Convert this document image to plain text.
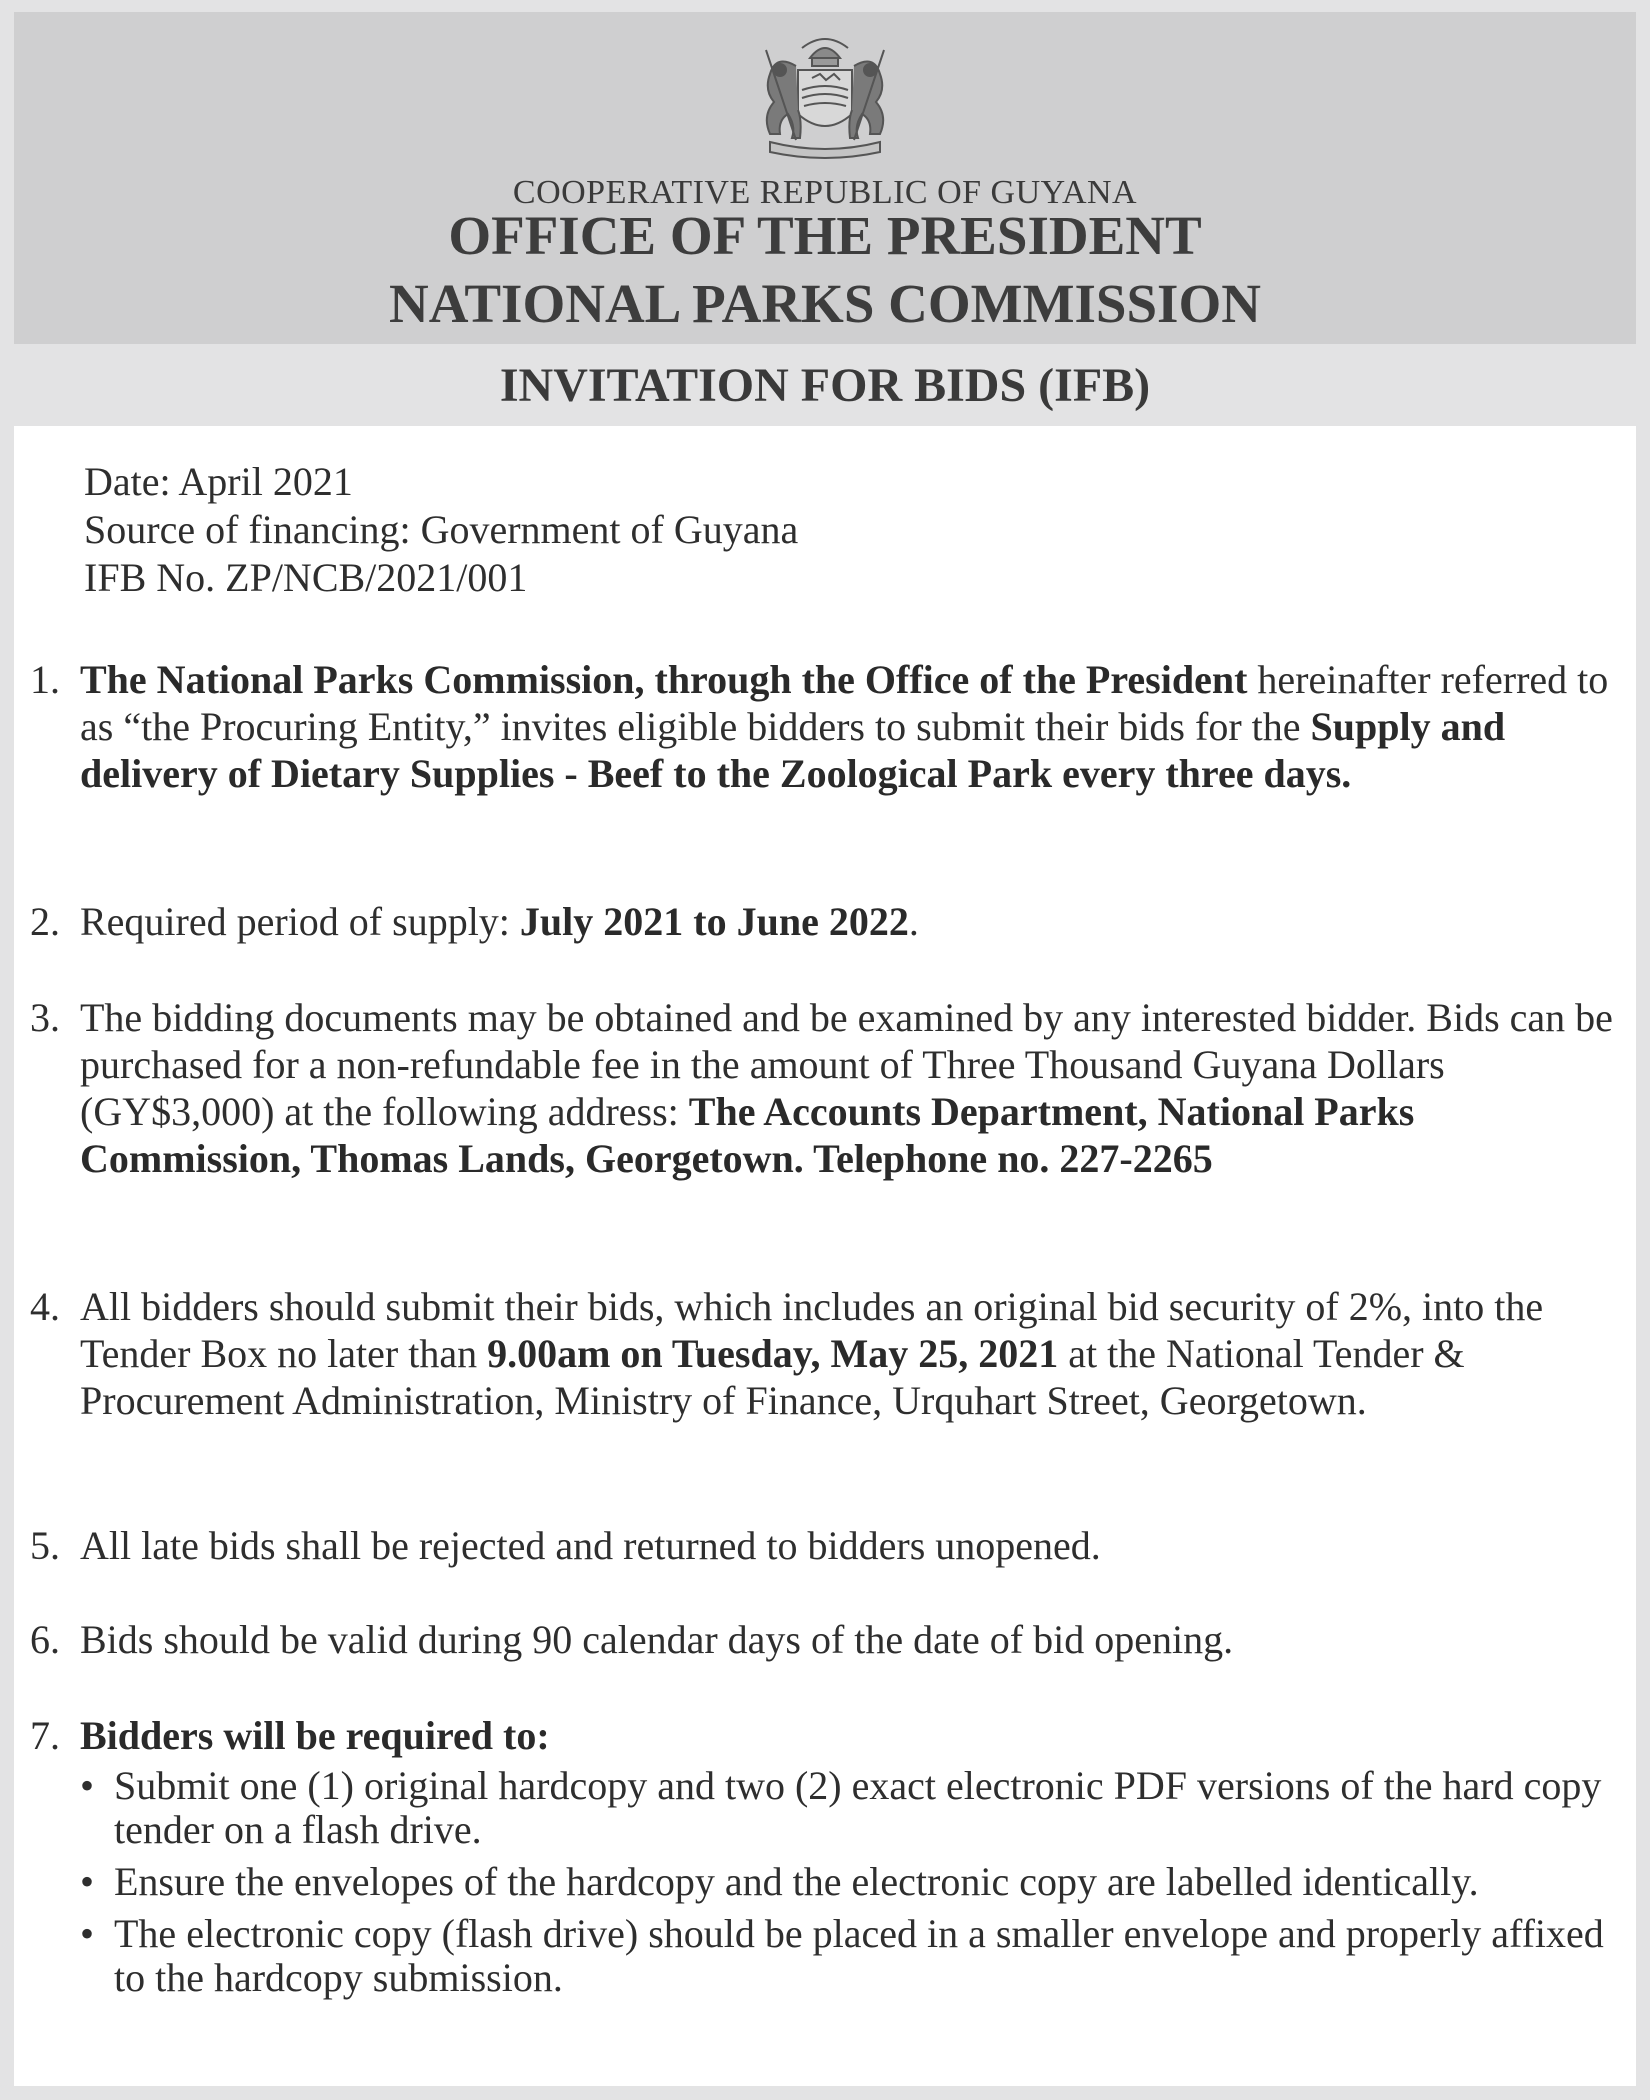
COOPERATIVE REPUBLIC OF GUYANA
OFFICE OF THE PRESIDENT
NATIONAL PARKS COMMISSION
INVITATION FOR BIDS (IFB)
Date: April 2021
Source of financing: Government of Guyana
IFB No. ZP/NCB/2021/001
1. The National Parks Commission, through the Office of the President hereinafter referred to as “the Procuring Entity,” invites eligible bidders to submit their bids for the Supply and delivery of Dietary Supplies - Beef to the Zoological Park every three days.
2. Required period of supply: July 2021 to June 2022.
3. The bidding documents may be obtained and be examined by any interested bidder. Bids can be purchased for a non-refundable fee in the amount of Three Thousand Guyana Dollars (GY$3,000) at the following address: The Accounts Department, National Parks Commission, Thomas Lands, Georgetown. Telephone no. 227-2265
4. All bidders should submit their bids, which includes an original bid security of 2%, into the Tender Box no later than 9.00am on Tuesday, May 25, 2021 at the National Tender & Procurement Administration, Ministry of Finance, Urquhart Street, Georgetown.
5. All late bids shall be rejected and returned to bidders unopened.
6. Bids should be valid during 90 calendar days of the date of bid opening.
7. Bidders will be required to:
• Submit one (1) original hardcopy and two (2) exact electronic PDF versions of the hard copy tender on a flash drive.
• Ensure the envelopes of the hardcopy and the electronic copy are labelled identically.
• The electronic copy (flash drive) should be placed in a smaller envelope and properly affixed to the hardcopy submission.
